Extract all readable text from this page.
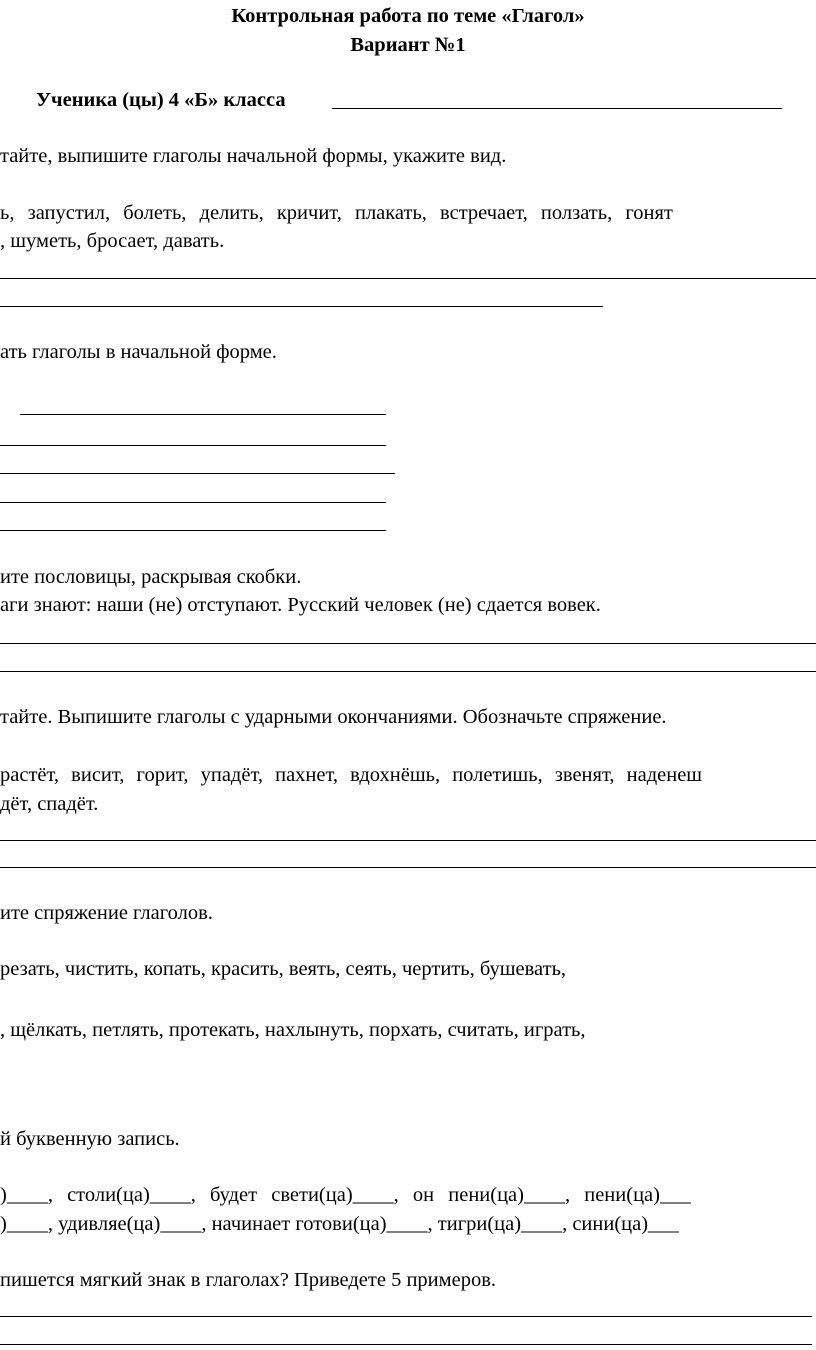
Контрольная работа по теме «Глагол»
Вариант №1
Ученика (цы) 4 «Б» класса
тайте, выпишите глаголы начальной формы, укажите вид.
ь, запустил, болеть, делить, кричит, плакать, встречает, ползать, гонят
, шуметь, бросает, давать.
ать глаголы в начальной форме.
ите пословицы, раскрывая скобки.
аги знают: наши (не) отступают. Русский человек (не) сдается вовек.
тайте. Выпишите глаголы с ударными окончаниями. Обозначьте спряжение.
растёт, висит, горит, упадёт, пахнет, вдохнёшь, полетишь, звенят, наденеш
дёт, спадёт.
ите спряжение глаголов.
резать, чистить, копать, красить, веять, сеять, чертить, бушевать,
, щёлкать, петлять, протекать, нахлынуть, порхать, считать, играть,
й буквенную запись.
)____, столи(ца)____, будет свети(ца)____, он пени(ца)____, пени(ца)___
)____, удивляе(ца)____, начинает готови(ца)____, тигри(ца)____, сини(ца)___
пишется мягкий знак в глаголах? Приведете 5 примеров.
